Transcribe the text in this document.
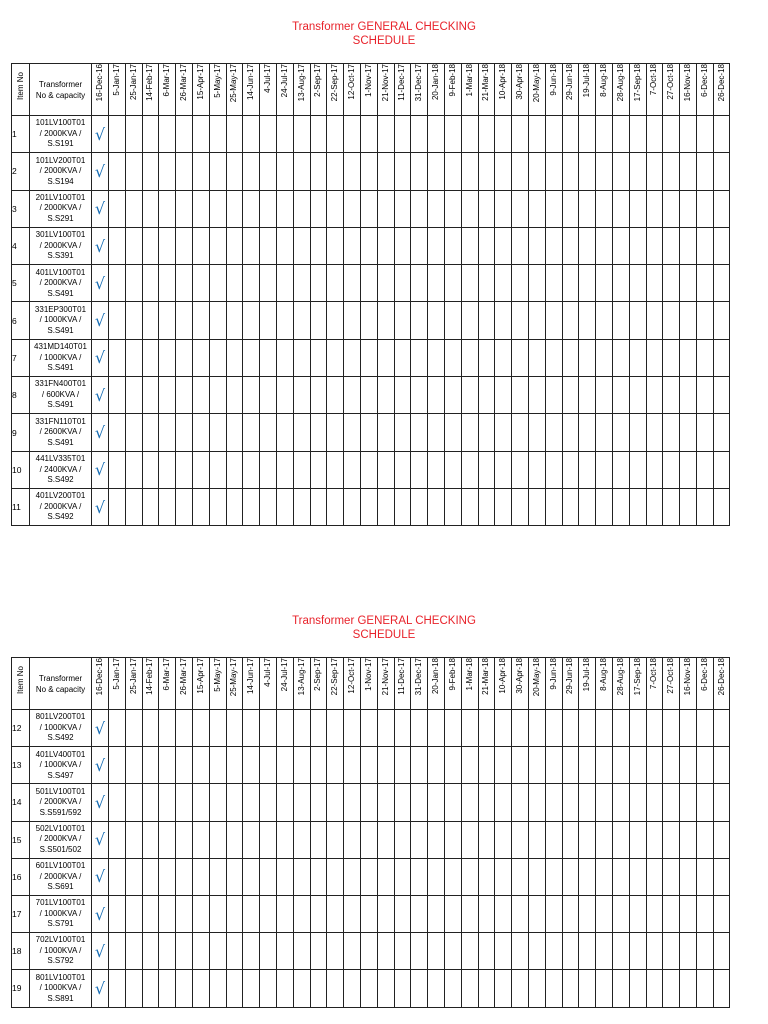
Transformer GENERAL CHECKING
SCHEDULE
Item No	Transformer
No & capacity	16-Dec-16	5-Jan-17	25-Jan-17	14-Feb-17	6-Mar-17	26-Mar-17	15-Apr-17	5-May-17	25-May-17	14-Jun-17	4-Jul-17	24-Jul-17	13-Aug-17	2-Sep-17	22-Sep-17	12-Oct-17	1-Nov-17	21-Nov-17	11-Dec-17	31-Dec-17	20-Jan-18	9-Feb-18	1-Mar-18	21-Mar-18	10-Apr-18	30-Apr-18	20-May-18	9-Jun-18	29-Jun-18	19-Jul-18	8-Aug-18	28-Aug-18	17-Sep-18	7-Oct-18	27-Oct-18	16-Nov-18	6-Dec-18	26-Dec-18
1	101LV100T01
/ 2000KVA /
S.S191	√																																					
2	101LV200T01
/ 2000KVA /
S.S194	√																																					
3	201LV100T01
/ 2000KVA /
S.S291	√																																					
4	301LV100T01
/ 2000KVA /
S.S391	√																																					
5	401LV100T01
/ 2000KVA /
S.S491	√																																					
6	331EP300T01
/ 1000KVA /
S.S491	√																																					
7	431MD140T01
/ 1000KVA /
S.S491	√																																					
8	331FN400T01
/ 600KVA /
S.S491	√																																					
9	331FN110T01
/ 2600KVA /
S.S491	√																																					
10	441LV335T01
/ 2400KVA /
S.S492	√																																					
11	401LV200T01
/ 2000KVA /
S.S492	√																																					
Transformer GENERAL CHECKING
SCHEDULE
Item No	Transformer
No & capacity	16-Dec-16	5-Jan-17	25-Jan-17	14-Feb-17	6-Mar-17	26-Mar-17	15-Apr-17	5-May-17	25-May-17	14-Jun-17	4-Jul-17	24-Jul-17	13-Aug-17	2-Sep-17	22-Sep-17	12-Oct-17	1-Nov-17	21-Nov-17	11-Dec-17	31-Dec-17	20-Jan-18	9-Feb-18	1-Mar-18	21-Mar-18	10-Apr-18	30-Apr-18	20-May-18	9-Jun-18	29-Jun-18	19-Jul-18	8-Aug-18	28-Aug-18	17-Sep-18	7-Oct-18	27-Oct-18	16-Nov-18	6-Dec-18	26-Dec-18
12	801LV200T01
/ 1000KVA /
S.S492	√																																					
13	401LV400T01
/ 1000KVA /
S.S497	√																																					
14	501LV100T01
/ 2000KVA /
S.S591/592	√																																					
15	502LV100T01
/ 2000KVA /
S.S501/502	√																																					
16	601LV100T01
/ 2000KVA /
S.S691	√																																					
17	701LV100T01
/ 1000KVA /
S.S791	√																																					
18	702LV100T01
/ 1000KVA /
S.S792	√																																					
19	801LV100T01
/ 1000KVA /
S.S891	√																																					
